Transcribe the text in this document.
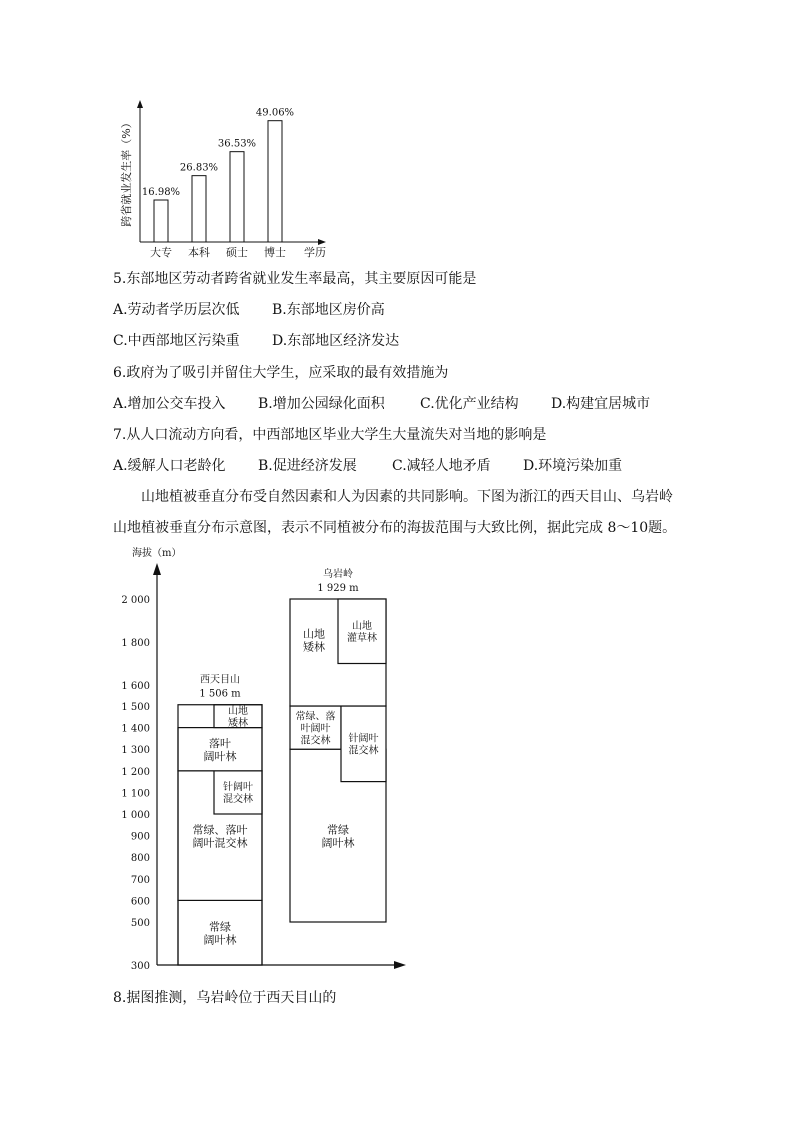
跨省就业发生率（%） 16.98%
大专
26.83%
本科
36.53%
硕士
49.06%
博士 学历
5.东部地区劳动者跨省就业发生率最高，其主要原因可能是
A.劳动者学历层次低 B.东部地区房价高
C.中西部地区污染重 D.东部地区经济发达
6.政府为了吸引并留住大学生，应采取的最有效措施为
A.增加公交车投入 B.增加公园绿化面积	C.优化产业结构 D.构建宜居城市
7.从人口流动方向看，中西部地区毕业大学生大量流失对当地的影响是
A.缓解人口老龄化 B.促进经济发展	C.减轻人地矛盾 D.环境污染加重
山地植被垂直分布受自然因素和人为因素的共同影响。下图为浙江的西天目山、乌岩岭山地植被垂直分布示意图，表示不同植被分布的海拔范围与大致比例，据此完成 8～10题。
海拔（m）
300
500
600
700
800
900
1 000
1 100
1 200
1 300
1 400
1 500
1 600
1 800
2 000
西天目山
1 506 m
常绿
阔叶林
常绿、落叶
阔叶混交林
针阔叶
混交林
落叶
阔叶林
山地
矮林
乌岩岭
1 929 m
常绿
阔叶林
常绿、落
叶阔叶
混交林 针阔叶
混交林
山地
灌草林
山地
矮林
8.据图推测，乌岩岭位于西天目山的
